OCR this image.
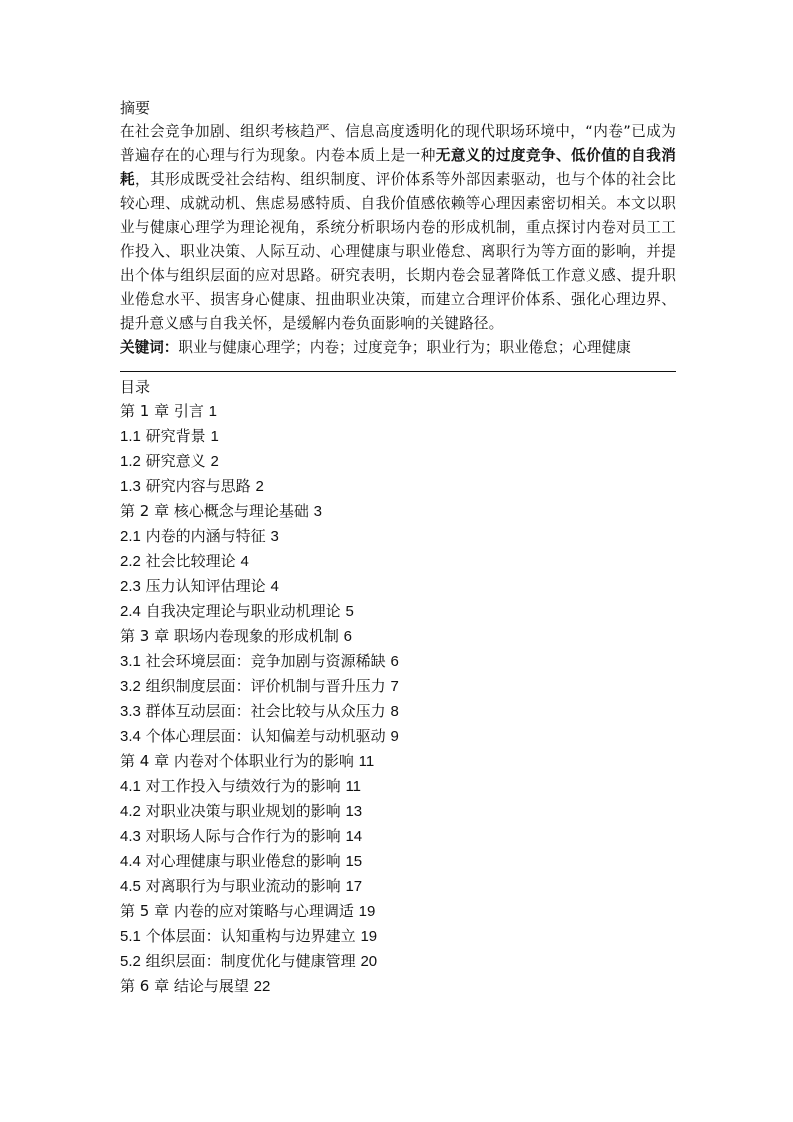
摘要

在社会竞争加剧、组织考核趋严、信息高度透明化的现代职场环境中，“内卷”已成为普遍存在的心理与行为现象。内卷本质上是一种无意义的过度竞争、低价值的自我消耗，其形成既受社会结构、组织制度、评价体系等外部因素驱动，也与个体的社会比较心理、成就动机、焦虑易感特质、自我价值感依赖等心理因素密切相关。本文以职业与健康心理学为理论视角，系统分析职场内卷的形成机制，重点探讨内卷对员工工作投入、职业决策、人际互动、心理健康与职业倦怠、离职行为等方面的影响，并提出个体与组织层面的应对思路。研究表明，长期内卷会显著降低工作意义感、提升职业倦怠水平、损害身心健康、扭曲职业决策，而建立合理评价体系、强化心理边界、提升意义感与自我关怀，是缓解内卷负面影响的关键路径。

关键词：职业与健康心理学；内卷；过度竞争；职业行为；职业倦怠；心理健康

目录

第 1 章 引言 1
1.1 研究背景 1
1.2 研究意义 2
1.3 研究内容与思路 2
第 2 章 核心概念与理论基础 3
2.1 内卷的内涵与特征 3
2.2 社会比较理论 4
2.3 压力认知评估理论 4
2.4 自我决定理论与职业动机理论 5
第 3 章 职场内卷现象的形成机制 6
3.1 社会环境层面：竞争加剧与资源稀缺 6
3.2 组织制度层面：评价机制与晋升压力 7
3.3 群体互动层面：社会比较与从众压力 8
3.4 个体心理层面：认知偏差与动机驱动 9
第 4 章 内卷对个体职业行为的影响 11
4.1 对工作投入与绩效行为的影响 11
4.2 对职业决策与职业规划的影响 13
4.3 对职场人际与合作行为的影响 14
4.4 对心理健康与职业倦怠的影响 15
4.5 对离职行为与职业流动的影响 17
第 5 章 内卷的应对策略与心理调适 19
5.1 个体层面：认知重构与边界建立 19
5.2 组织层面：制度优化与健康管理 20
第 6 章 结论与展望 22
